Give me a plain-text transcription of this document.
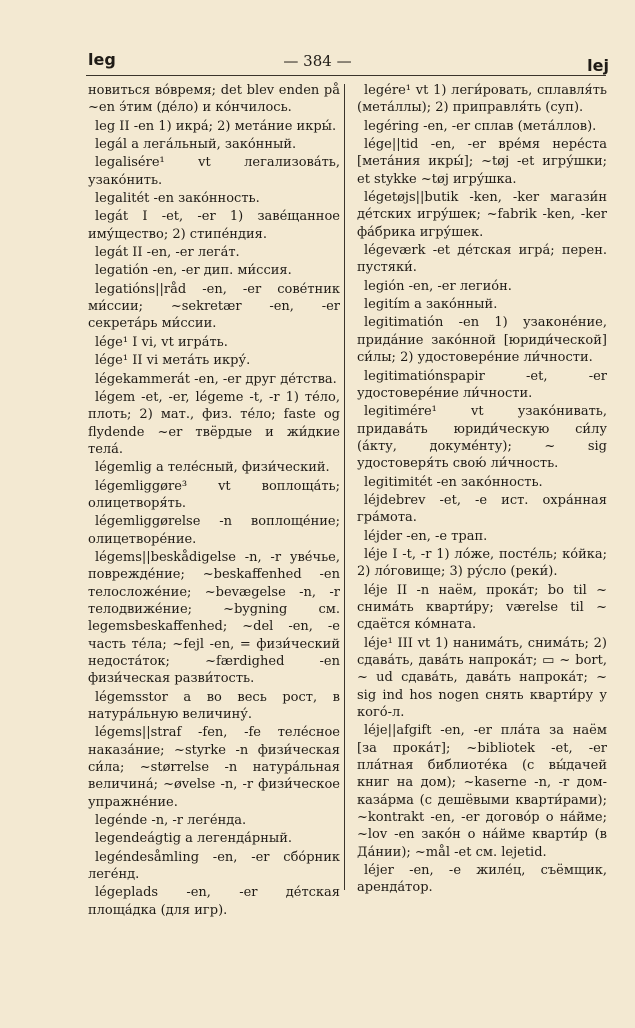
leg	— 384 —	lej

новиться во́время; det blev enden på ~en э́тим (де́ло) и ко́нчилось.

leg II -en 1) икра́; 2) мета́ние икры́.

legál a лега́льный, зако́нный.

legalisére¹ vt легализова́ть, узако́нить.

legalitét -en зако́нность.

legát I -et, -er 1) заве́щанное иму́щество; 2) стипе́ндия.

legát II -en, -er лега́т.

legatión -en, -er дип. ми́ссия.

legatións||råd -en, -er сове́тник ми́ссии; ~sekretær -en, -er секрета́рь ми́ссии.

lége¹ I vi, vt игра́ть.

lége¹ II vi мета́ть икру́.

légekammerát -en, -er друг де́тства.

légem -et, -er, légeme -t, -r 1) те́ло, плоть; 2) мат., физ. те́ло; faste og flydende ~er твёрдые и жи́дкие тела́.

légemlig a теле́сный, физи́ческий.

légemliggøre³ vt воплоща́ть; олицетворя́ть.

légemliggørelse -n воплоще́ние; олицетворе́ние.

légems||beskådigelse -n, -r уве́чье, поврежде́ние; ~beskaffenhed -en телосложе́ние; ~bevægelse -n, -r телодвиже́ние; ~bygning см. legemsbeskaffenhed; ~del -en, -e часть те́ла; ~fejl -en, = физи́ческий недоста́ток; ~færdighed -en физи́ческая разви́тость.

légemsstor a во весь рост, в натура́льную величину́.

légems||straf -fen, -fe теле́сное наказа́ние; ~styrke -n физи́ческая си́ла; ~størrelse -n натура́льная величина́; ~øvelse -n, -r физи́ческое упражне́ние.

legénde -n, -r леге́нда.

legendeágtig a легенда́рный.

legéndesåmling -en, -er сбо́рник леге́нд.

légeplads -en, -er де́тская площа́дка (для игр).

legére¹ vt 1) леги́ровать, сплавля́ть (мета́ллы); 2) приправля́ть (суп).

legéring -en, -er сплав (мета́ллов).

lége||tid -en, -er вре́мя нере́ста [мета́ния икры́]; ~tøj -et игру́шки; et stykke ~tøj игру́шка.

légetøjs||butik -ken, -ker магази́н де́тских игру́шек; ~fabrik -ken, -ker фа́брика игру́шек.

légeværk -et де́тская игра́; перен. пустяки́.

legión -en, -er легио́н.

legitím a зако́нный.

legitimatión -en 1) узаконе́ние, прида́ние зако́нной [юриди́ческой] си́лы; 2) удостовере́ние ли́чности.

legitimatiónspapir -et, -er удостовере́ние ли́чности.

legitimére¹ vt узако́нивать, придава́ть юриди́ческую си́лу (а́кту, докуме́нту); ~ sig удостоверя́ть свою́ ли́чность.

legitimitét -en зако́нность.

léjdebrev -et, -e ист. охра́нная гра́мота.

léjder -en, -e трап.

léje I -t, -r 1) ло́же, посте́ль; ко́йка; 2) ло́говище; 3) ру́сло (реки́).

léje II -n наём, прока́т; bo til ~ снима́ть кварти́ру; værelse til ~ сдаётся ко́мната.

léje¹ III vt 1) нанима́ть, снима́ть; 2) сдава́ть, дава́ть напрока́т; ▭ ~ bort, ~ ud сдава́ть, дава́ть напрока́т; ~ sig ind hos nogen снять кварти́ру у кого́-л.

léje||afgift -en, -er пла́та за наём [за прока́т]; ~bibliotek -et, -er пла́тная библиоте́ка (с вы́дачей книг на дом); ~kaserne -n, -r дом-каза́рма (с дешёвыми кварти́рами); ~kontrakt -en, -er догово́р о на́йме; ~lov -en зако́н о на́йме кварти́р (в Да́нии); ~mål -et см. lejetid.

léjer -en, -e жиле́ц, съёмщик, аренда́тор.
